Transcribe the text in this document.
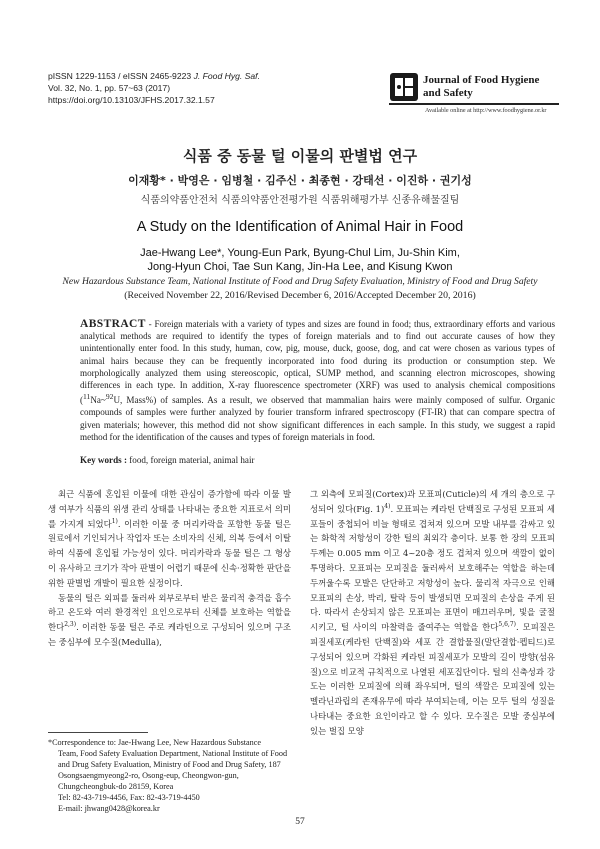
pISSN 1229-1153 / eISSN 2465-9223 J. Food Hyg. Saf.
Vol. 32, No. 1, pp. 57~63 (2017)
https://doi.org/10.13103/JFHS.2017.32.1.57
Journal of Food Hygiene
and Safety
Available online at http://www.foodhygiene.or.kr
식품 중 동물 털 이물의 판별법 연구
이재황* · 박영은 · 임병철 · 김주신 · 최종현 · 강태선 · 이진하 · 권기성
식품의약품안전처 식품의약품안전평가원 식품위해평가부 신종유해물질팀
A Study on the Identification of Animal Hair in Food
Jae-Hwang Lee*, Young-Eun Park, Byung-Chul Lim, Ju-Shin Kim,
Jong-Hyun Choi, Tae Sun Kang, Jin-Ha Lee, and Kisung Kwon
New Hazardous Substance Team, National Institute of Food and Drug Safety Evaluation, Ministry of Food and Drug Safety
(Received November 22, 2016/Revised December 6, 2016/Accepted December 20, 2016)
ABSTRACT - Foreign materials with a variety of types and sizes are found in food; thus, extraordinary efforts and various analytical methods are required to identify the types of foreign materials and to find out accurate causes of how they unintentionally enter food. In this study, human, cow, pig, mouse, duck, goose, dog, and cat were chosen as various types of animal hairs because they can be frequently incorporated into food during its production or consumption step. We morphologically analyzed them using stereoscopic, optical, SUMP method, and scanning electron microscopes, showing differences in each type. In addition, X-ray fluorescence spectrometer (XRF) was used to analysis chemical compositions ($^{11}$Na~$^{92}$U, Mass%) of samples. As a result, we observed that mammalian hairs were mainly composed of sulfur. Organic compounds of samples were further analyzed by fourier transform infrared spectroscopy (FT-IR) that can compare spectra of given materials; however, this method did not show significant differences in each sample. In this study, we suggest a rapid method for the identification of the causes and types of foreign materials in food.
Key words : food, foreign material, animal hair

최근 식품에 혼입된 이물에 대한 관심이 증가함에 따라 이물 발생 여부가 식품의 위생 관리 상태를 나타내는 중요한 지표로서 의미를 가지게 되었다$^{1)}$. 이러한 이물 중 머리카락을 포함한 동물 털은 원료에서 기인되거나 작업자 또는 소비자의 신체, 의복 등에서 이탈하여 식품에 혼입될 가능성이 있다. 머리카락과 동물 털은 그 형상이 유사하고 크기가 작아 판별이 어렵기 때문에 신속·정확한 판단을 위한 판별법 개발이 필요한 실정이다.

동물의 털은 외피를 둘러싸 외부로부터 받은 물리적 충격을 흡수하고 온도와 여러 환경적인 요인으로부터 신체를 보호하는 역할을 한다$^{2,3)}$. 이러한 동물 털은 주로 케라틴으로 구성되어 있으며 구조는 중심부에 모수질(Medulla),

그 외측에 모피질(Cortex)과 모표피(Cuticle)의 세 개의 층으로 구성되어 있다(Fig. 1)$^{4)}$. 모표피는 케라틴 단백질로 구성된 모표피 세포들이 중첩되어 비늘 형태로 겹쳐져 있으며 모발 내부를 감싸고 있는 화학적 저항성이 강한 털의 최외각 층이다. 보통 한 장의 모표피 두께는 0.005 mm 이고 4~20층 정도 겹쳐져 있으며 색깔이 없이 투명하다. 모표피는 모피질을 둘러싸서 보호해주는 역할을 하는데 두꺼울수록 모발은 단단하고 저항성이 높다. 물리적 자극으로 인해 모표피의 손상, 박리, 탈락 등이 발생되면 모피질의 손상을 주게 된다. 따라서 손상되지 않은 모표피는 표면이 매끄러우며, 빛을 굴절시키고, 털 사이의 마찰력을 줄여주는 역할을 한다$^{5,6,7)}$. 모피질은 피질세포(케라틴 단백질)와 세포 간 결합물질(말단결합·펩티드)로 구성되어 있으며 각화된 케라틴 피질세포가 모발의 길이 방향(섬유질)으로 비교적 규칙적으로 나열된 세포집단이다. 털의 신축성과 강도는 이러한 모피질에 의해 좌우되며, 털의 색깔은 모피질에 있는 멜라닌과립의 존재유무에 따라 부여되는데, 이는 모두 털의 성질을 나타내는 중요한 요인이라고 할 수 있다. 모수질은 모발 중심부에 있는 벌집 모양

*Correspondence to: Jae-Hwang Lee, New Hazardous Substance
Team, Food Safety Evaluation Department, National Institute of Food and Drug Safety Evaluation, Ministry of Food and Drug Safety, 187 Osongsaengmyeong2-ro, Osong-eup, Cheongwon-gun, Chungcheongbuk-do 28159, Korea
Tel: 82-43-719-4456, Fax: 82-43-719-4450
E-mail: jhwang0428@korea.kr
57
